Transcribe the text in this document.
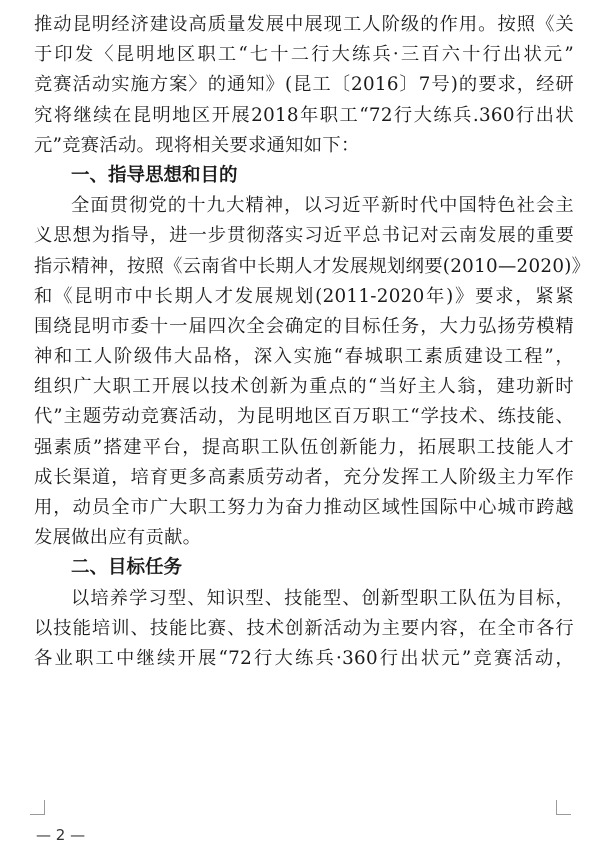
推动昆明经济建设高质量发展中展现工人阶级的作用。按照《关
于印发〈昆明地区职工“七十二行大练兵·三百六十行出状元”
竞赛活动实施方案〉的通知》(昆工〔2016〕7号)的要求，经研
究将继续在昆明地区开展2018年职工“72行大练兵.360行出状
元”竞赛活动。现将相关要求通知如下：
一、指导思想和目的
全面贯彻党的十九大精神，以习近平新时代中国特色社会主
义思想为指导，进一步贯彻落实习近平总书记对云南发展的重要
指示精神，按照《云南省中长期人才发展规划纲要(2010—2020)》
和《昆明市中长期人才发展规划(2011-2020年)》要求，紧紧
围绕昆明市委十一届四次全会确定的目标任务，大力弘扬劳模精
神和工人阶级伟大品格，深入实施“春城职工素质建设工程”，
组织广大职工开展以技术创新为重点的“当好主人翁，建功新时
代”主题劳动竞赛活动，为昆明地区百万职工“学技术、练技能、
强素质”搭建平台，提高职工队伍创新能力，拓展职工技能人才
成长渠道，培育更多高素质劳动者，充分发挥工人阶级主力军作
用，动员全市广大职工努力为奋力推动区域性国际中心城市跨越
发展做出应有贡献。
二、目标任务
以培养学习型、知识型、技能型、创新型职工队伍为目标，
以技能培训、技能比赛、技术创新活动为主要内容，在全市各行
各业职工中继续开展“72行大练兵·360行出状元”竞赛活动，
— 2 —
